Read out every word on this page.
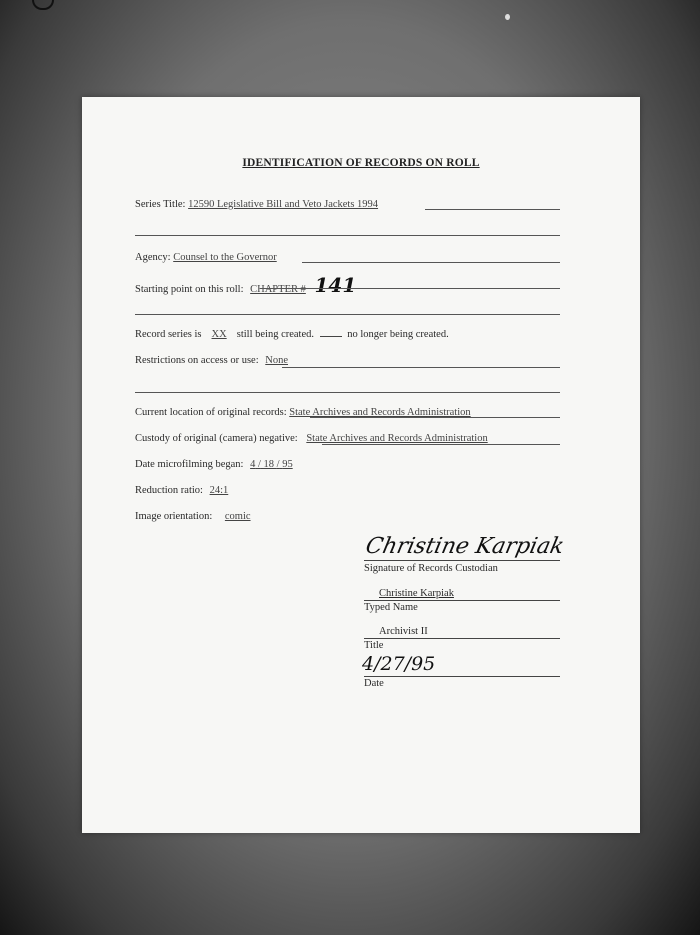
IDENTIFICATION OF RECORDS ON ROLL
Series Title: 12590 Legislative Bill and Veto Jackets 1994
Agency: Counsel to the Governor
Starting point on this roll: CHAPTER # 141
Record series is XX still being created.	no longer being created.
Restrictions on access or use: None
Current location of original records: State Archives and Records Administration
Custody of original (camera) negative: State Archives and Records Administration
Date microfilming began: 4 / 18 / 95
Reduction ratio: 24:1
Image orientation: comic
Christine Karpiak
Signature of Records Custodian
Christine Karpiak
Typed Name
Archivist II
Title
4/27/95
Date
